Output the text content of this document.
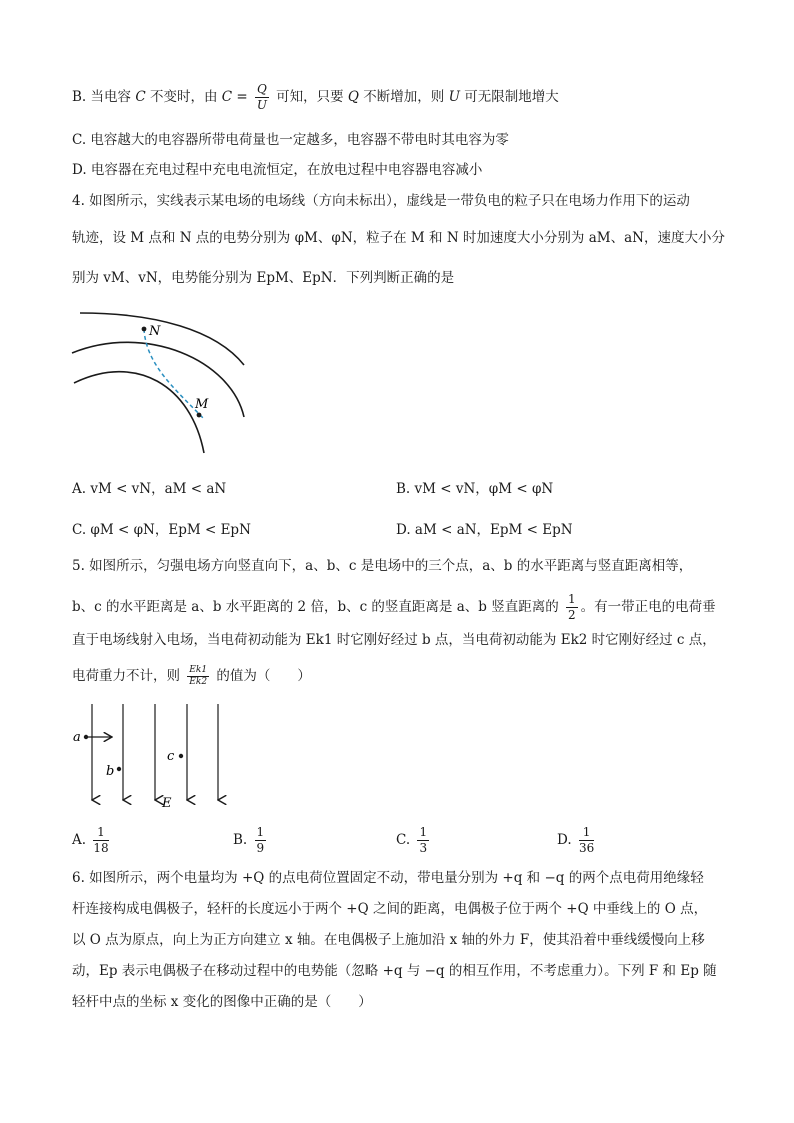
B. 当电容 C 不变时，由 $C = \frac{Q}{U}$ 可知，只要 Q 不断增加，则 U 可无限制地增大
C. 电容越大的电容器所带电荷量也一定越多，电容器不带电时其电容为零
D. 电容器在充电过程中充电电流恒定，在放电过程中电容器电容减小
4. 如图所示，实线表示某电场的电场线（方向未标出），虚线是一带负电的粒子只在电场力作用下的运动
轨迹，设 M 点和 N 点的电势分别为 φM、φN，粒子在 M 和 N 时加速度大小分别为 aM、aN，速度大小分
别为 vM、vN，电势能分别为 EpM、EpN．下列判断正确的是
N
M
A. vM < vN，aM < aN	B. vM < vN，φM < φN
C. φM < φN，EpM < EpN	D. aM < aN，EpM < EpN
5. 如图所示，匀强电场方向竖直向下，a、b、c 是电场中的三个点，a、b 的水平距离与竖直距离相等，
b、c 的水平距离是 a、b 水平距离的 2 倍，b、c 的竖直距离是 a、b 竖直距离的 $\frac{1}{2}$ 。有一带正电的电荷垂
直于电场线射入电场，当电荷初动能为 Ek1 时它刚好经过 b 点，当电荷初动能为 Ek2 时它刚好经过 c 点，
电荷重力不计，则 $\frac{Ek1}{Ek2}$ 的值为（　　）
a
b
c
E
A. $\frac{1}{18}$	B. $\frac{1}{9}$	C. $\frac{1}{3}$	D. $\frac{1}{36}$
6. 如图所示，两个电量均为 +Q 的点电荷位置固定不动，带电量分别为 +q 和 −q 的两个点电荷用绝缘轻
杆连接构成电偶极子，轻杆的长度远小于两个 +Q 之间的距离，电偶极子位于两个 +Q 中垂线上的 O 点，
以 O 点为原点，向上为正方向建立 x 轴。在电偶极子上施加沿 x 轴的外力 F，使其沿着中垂线缓慢向上移
动，Ep 表示电偶极子在移动过程中的电势能（忽略 +q 与 −q 的相互作用，不考虑重力）。下列 F 和 Ep 随
轻杆中点的坐标 x 变化的图像中正确的是（　　）
